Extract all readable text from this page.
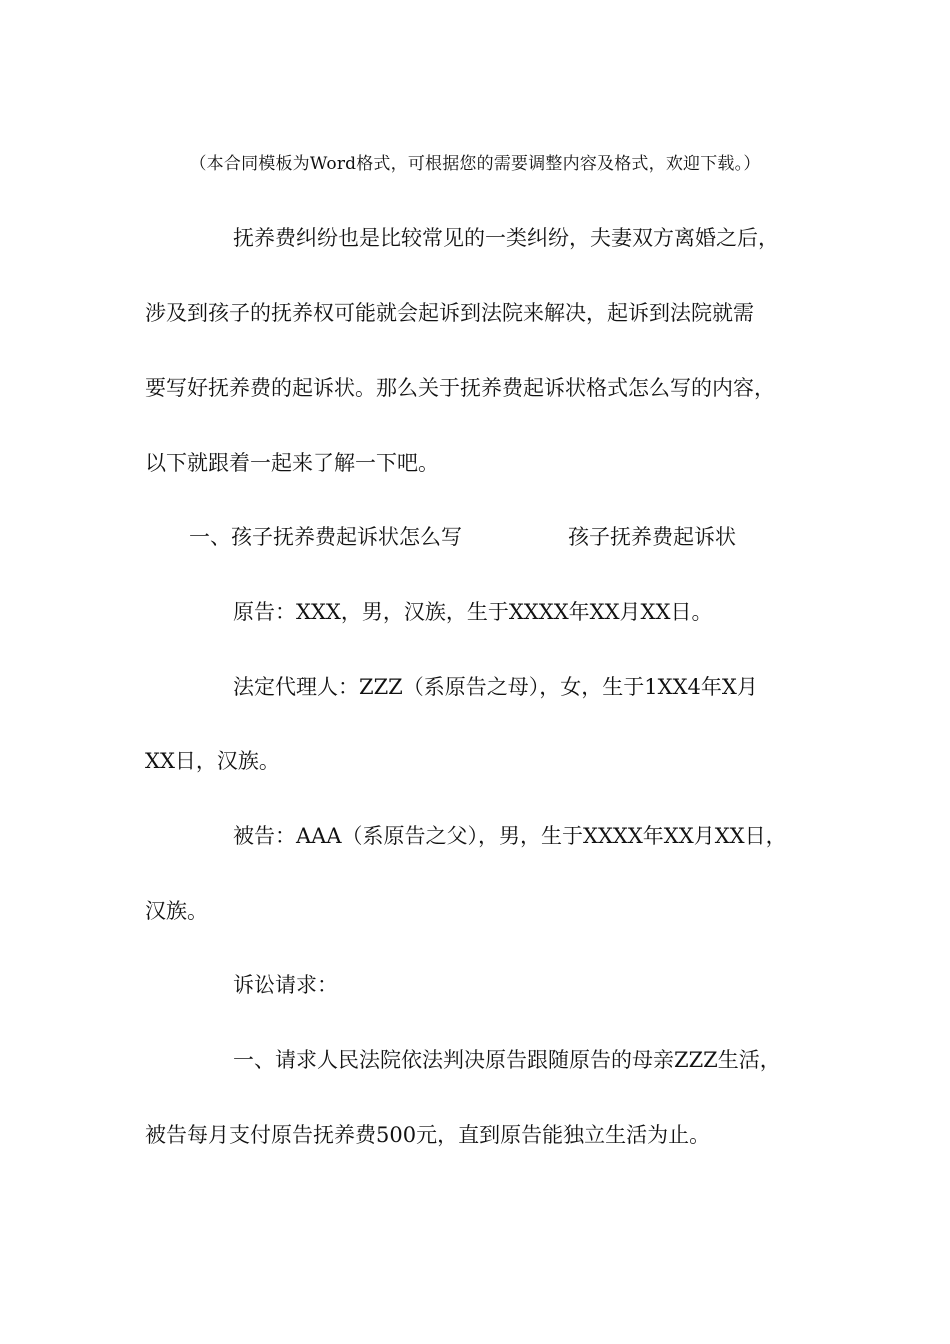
（本合同模板为Word格式，可根据您的需要调整内容及格式，欢迎下载。）
抚养费纠纷也是比较常见的一类纠纷，夫妻双方离婚之后，
涉及到孩子的抚养权可能就会起诉到法院来解决，起诉到法院就需
要写好抚养费的起诉状。那么关于抚养费起诉状格式怎么写的内容，
以下就跟着一起来了解一下吧。
一、孩子抚养费起诉状怎么写	孩子抚养费起诉状
原告：XXX，男，汉族，生于XXXX年XX月XX日。
法定代理人：ZZZ（系原告之母），女，生于1XX4年X月
XX日，汉族。
被告：AAA（系原告之父），男，生于XXXX年XX月XX日，
汉族。
诉讼请求：
一、请求人民法院依法判决原告跟随原告的母亲ZZZ生活，
被告每月支付原告抚养费500元，直到原告能独立生活为止。
